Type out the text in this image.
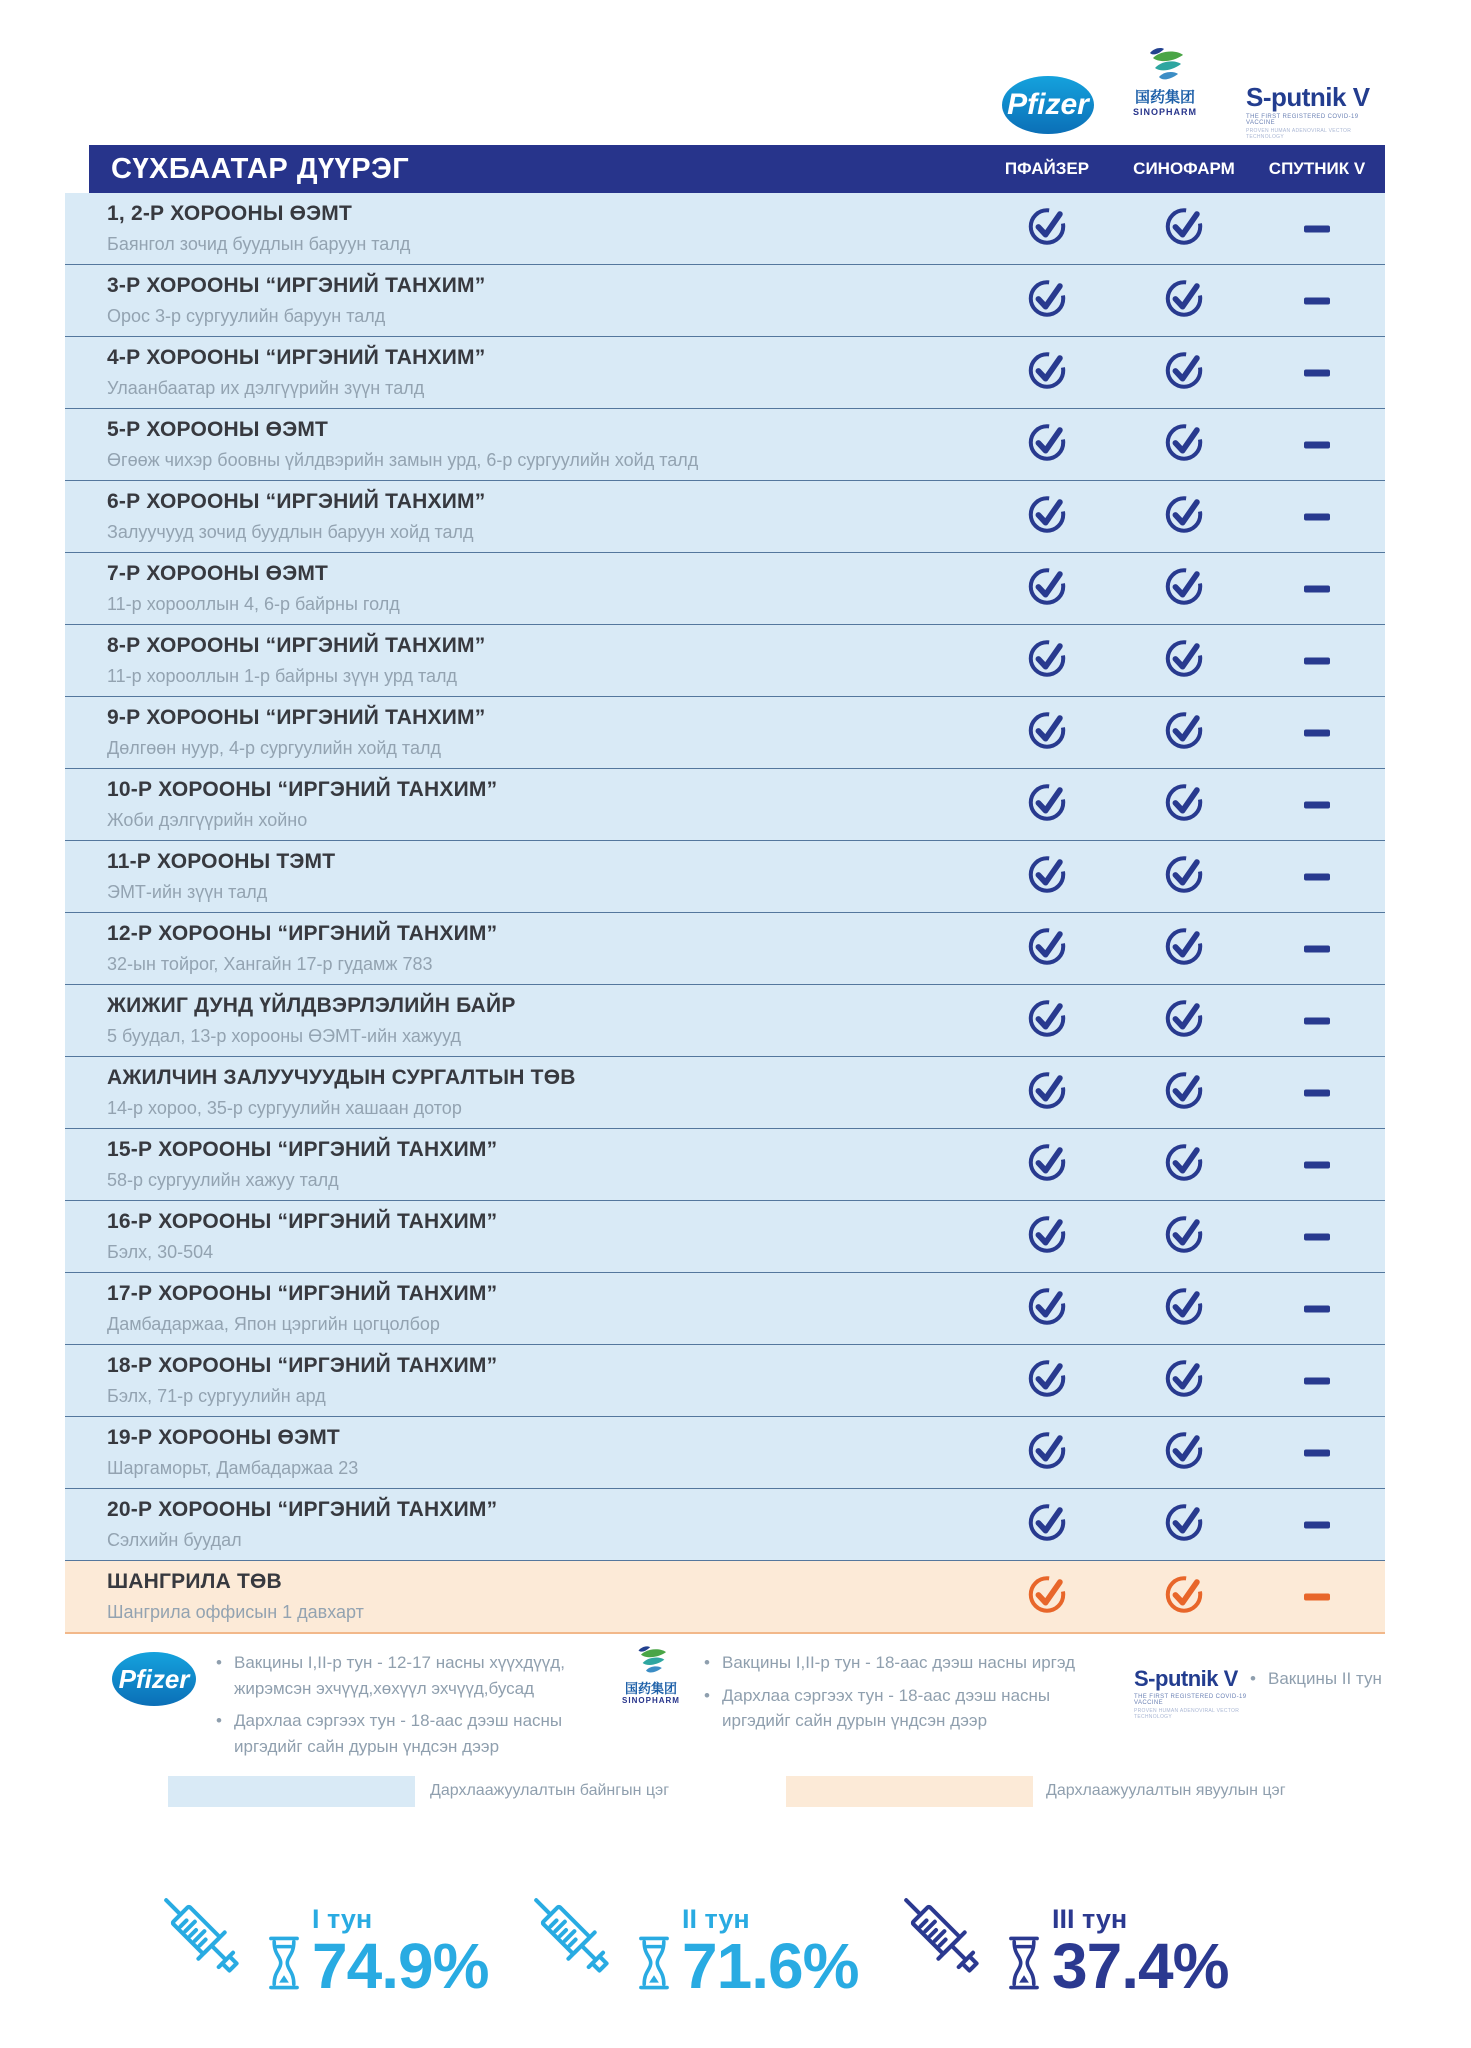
Pfizer	国药集团
SINOPHARM	S-putnik V
THE FIRST REGISTERED COVID-19 VACCINE
PROVEN HUMAN ADENOVIRAL VECTOR TECHNOLOGY
СҮХБААТАР ДҮҮРЭГ	ПФАЙЗЕР	СИНОФАРМ	СПУТНИК V
1, 2-Р ХОРООНЫ ӨЭМТ
Баянгол зочид буудлын баруун талд
3-Р ХОРООНЫ “ИРГЭНИЙ ТАНХИМ”
Орос 3-р сургуулийн баруун талд
4-Р ХОРООНЫ “ИРГЭНИЙ ТАНХИМ”
Улаанбаатар их дэлгүүрийн зүүн талд
5-Р ХОРООНЫ ӨЭМТ
Өгөөж чихэр боовны үйлдвэрийн замын урд, 6-р сургуулийн хойд талд
6-Р ХОРООНЫ “ИРГЭНИЙ ТАНХИМ”
Залуучууд зочид буудлын баруун хойд талд
7-Р ХОРООНЫ ӨЭМТ
11-р хорооллын 4, 6-р байрны голд
8-Р ХОРООНЫ “ИРГЭНИЙ ТАНХИМ”
11-р хорооллын 1-р байрны зүүн урд талд
9-Р ХОРООНЫ “ИРГЭНИЙ ТАНХИМ”
Дөлгөөн нуур, 4-р сургуулийн хойд талд
10-Р ХОРООНЫ “ИРГЭНИЙ ТАНХИМ”
Жоби дэлгүүрийн хойно
11-Р ХОРООНЫ ТЭМТ
ЭМТ-ийн зүүн талд
12-Р ХОРООНЫ “ИРГЭНИЙ ТАНХИМ”
32-ын тойрог, Хангайн 17-р гудамж 783
ЖИЖИГ ДУНД ҮЙЛДВЭРЛЭЛИЙН БАЙР
5 буудал, 13-р хорооны ӨЭМТ-ийн хажууд
АЖИЛЧИН ЗАЛУУЧУУДЫН СУРГАЛТЫН ТӨВ
14-р хороо, 35-р сургуулийн хашаан дотор
15-Р ХОРООНЫ “ИРГЭНИЙ ТАНХИМ”
58-р сургуулийн хажуу талд
16-Р ХОРООНЫ “ИРГЭНИЙ ТАНХИМ”
Бэлх, 30-504
17-Р ХОРООНЫ “ИРГЭНИЙ ТАНХИМ”
Дамбадаржаа, Япон цэргийн цогцолбор
18-Р ХОРООНЫ “ИРГЭНИЙ ТАНХИМ”
Бэлх, 71-р сургуулийн ард
19-Р ХОРООНЫ ӨЭМТ
Шаргаморьт, Дамбадаржаа 23
20-Р ХОРООНЫ “ИРГЭНИЙ ТАНХИМ”
Сэлхийн буудал
ШАНГРИЛА ТӨВ
Шангрила оффисын 1 давхарт
Pfizer
• Вакцины I,II-р тун - 12-17 насны хүүхдүүд, жирэмсэн эхчүүд,хөхүүл эхчүүд,бусад
• Дархлаа сэргээх тун - 18-аас дээш насны иргэдийг сайн дурын үндсэн дээр
国药集团
SINOPHARM
• Вакцины I,II-р тун - 18-аас дээш насны иргэд
• Дархлаа сэргээх тун - 18-аас дээш насны иргэдийг сайн дурын үндсэн дээр
S-putnik V
THE FIRST REGISTERED COVID-19 VACCINE
PROVEN HUMAN ADENOVIRAL VECTOR TECHNOLOGY
• Вакцины II тун
Дархлаажуулалтын байнгын цэг	Дархлаажуулалтын явуулын цэг
I тун
74.9%
II тун
71.6%
III тун
37.4%
